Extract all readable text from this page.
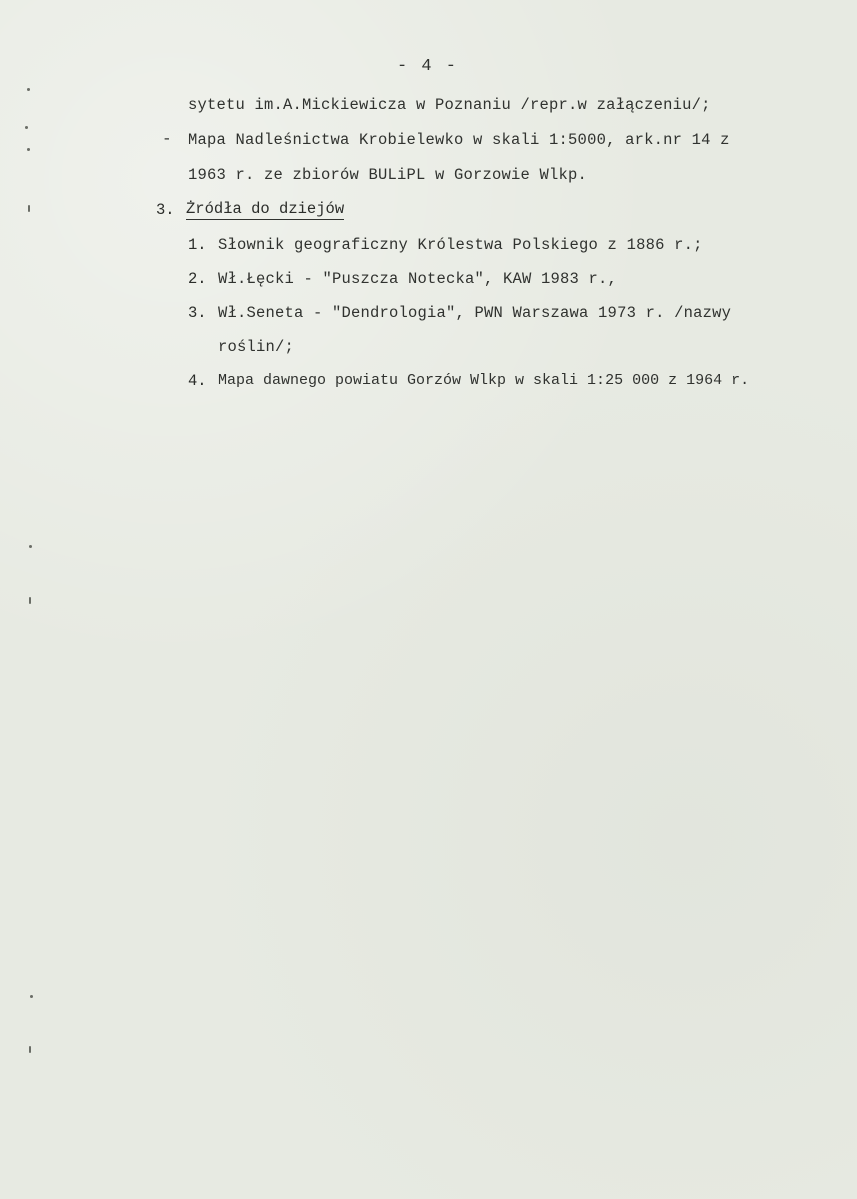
- 4 -
sytetu im.A.Mickiewicza w Poznaniu /repr.w załączeniu/;
- Mapa Nadleśnictwa Krobielewko w skali 1:5000, ark.nr 14 z
1963 r. ze zbiorów BULiPL w Gorzowie Wlkp.
3. Żródła do dziejów
1. Słownik geograficzny Królestwa Polskiego z 1886 r.;
2. Wł.Łęcki - "Puszcza Notecka", KAW 1983 r.,
3. Wł.Seneta - "Dendrologia", PWN Warszawa 1973 r. /nazwy
roślin/;
4. Mapa dawnego powiatu Gorzów Wlkp w skali 1:25 000 z 1964 r.
